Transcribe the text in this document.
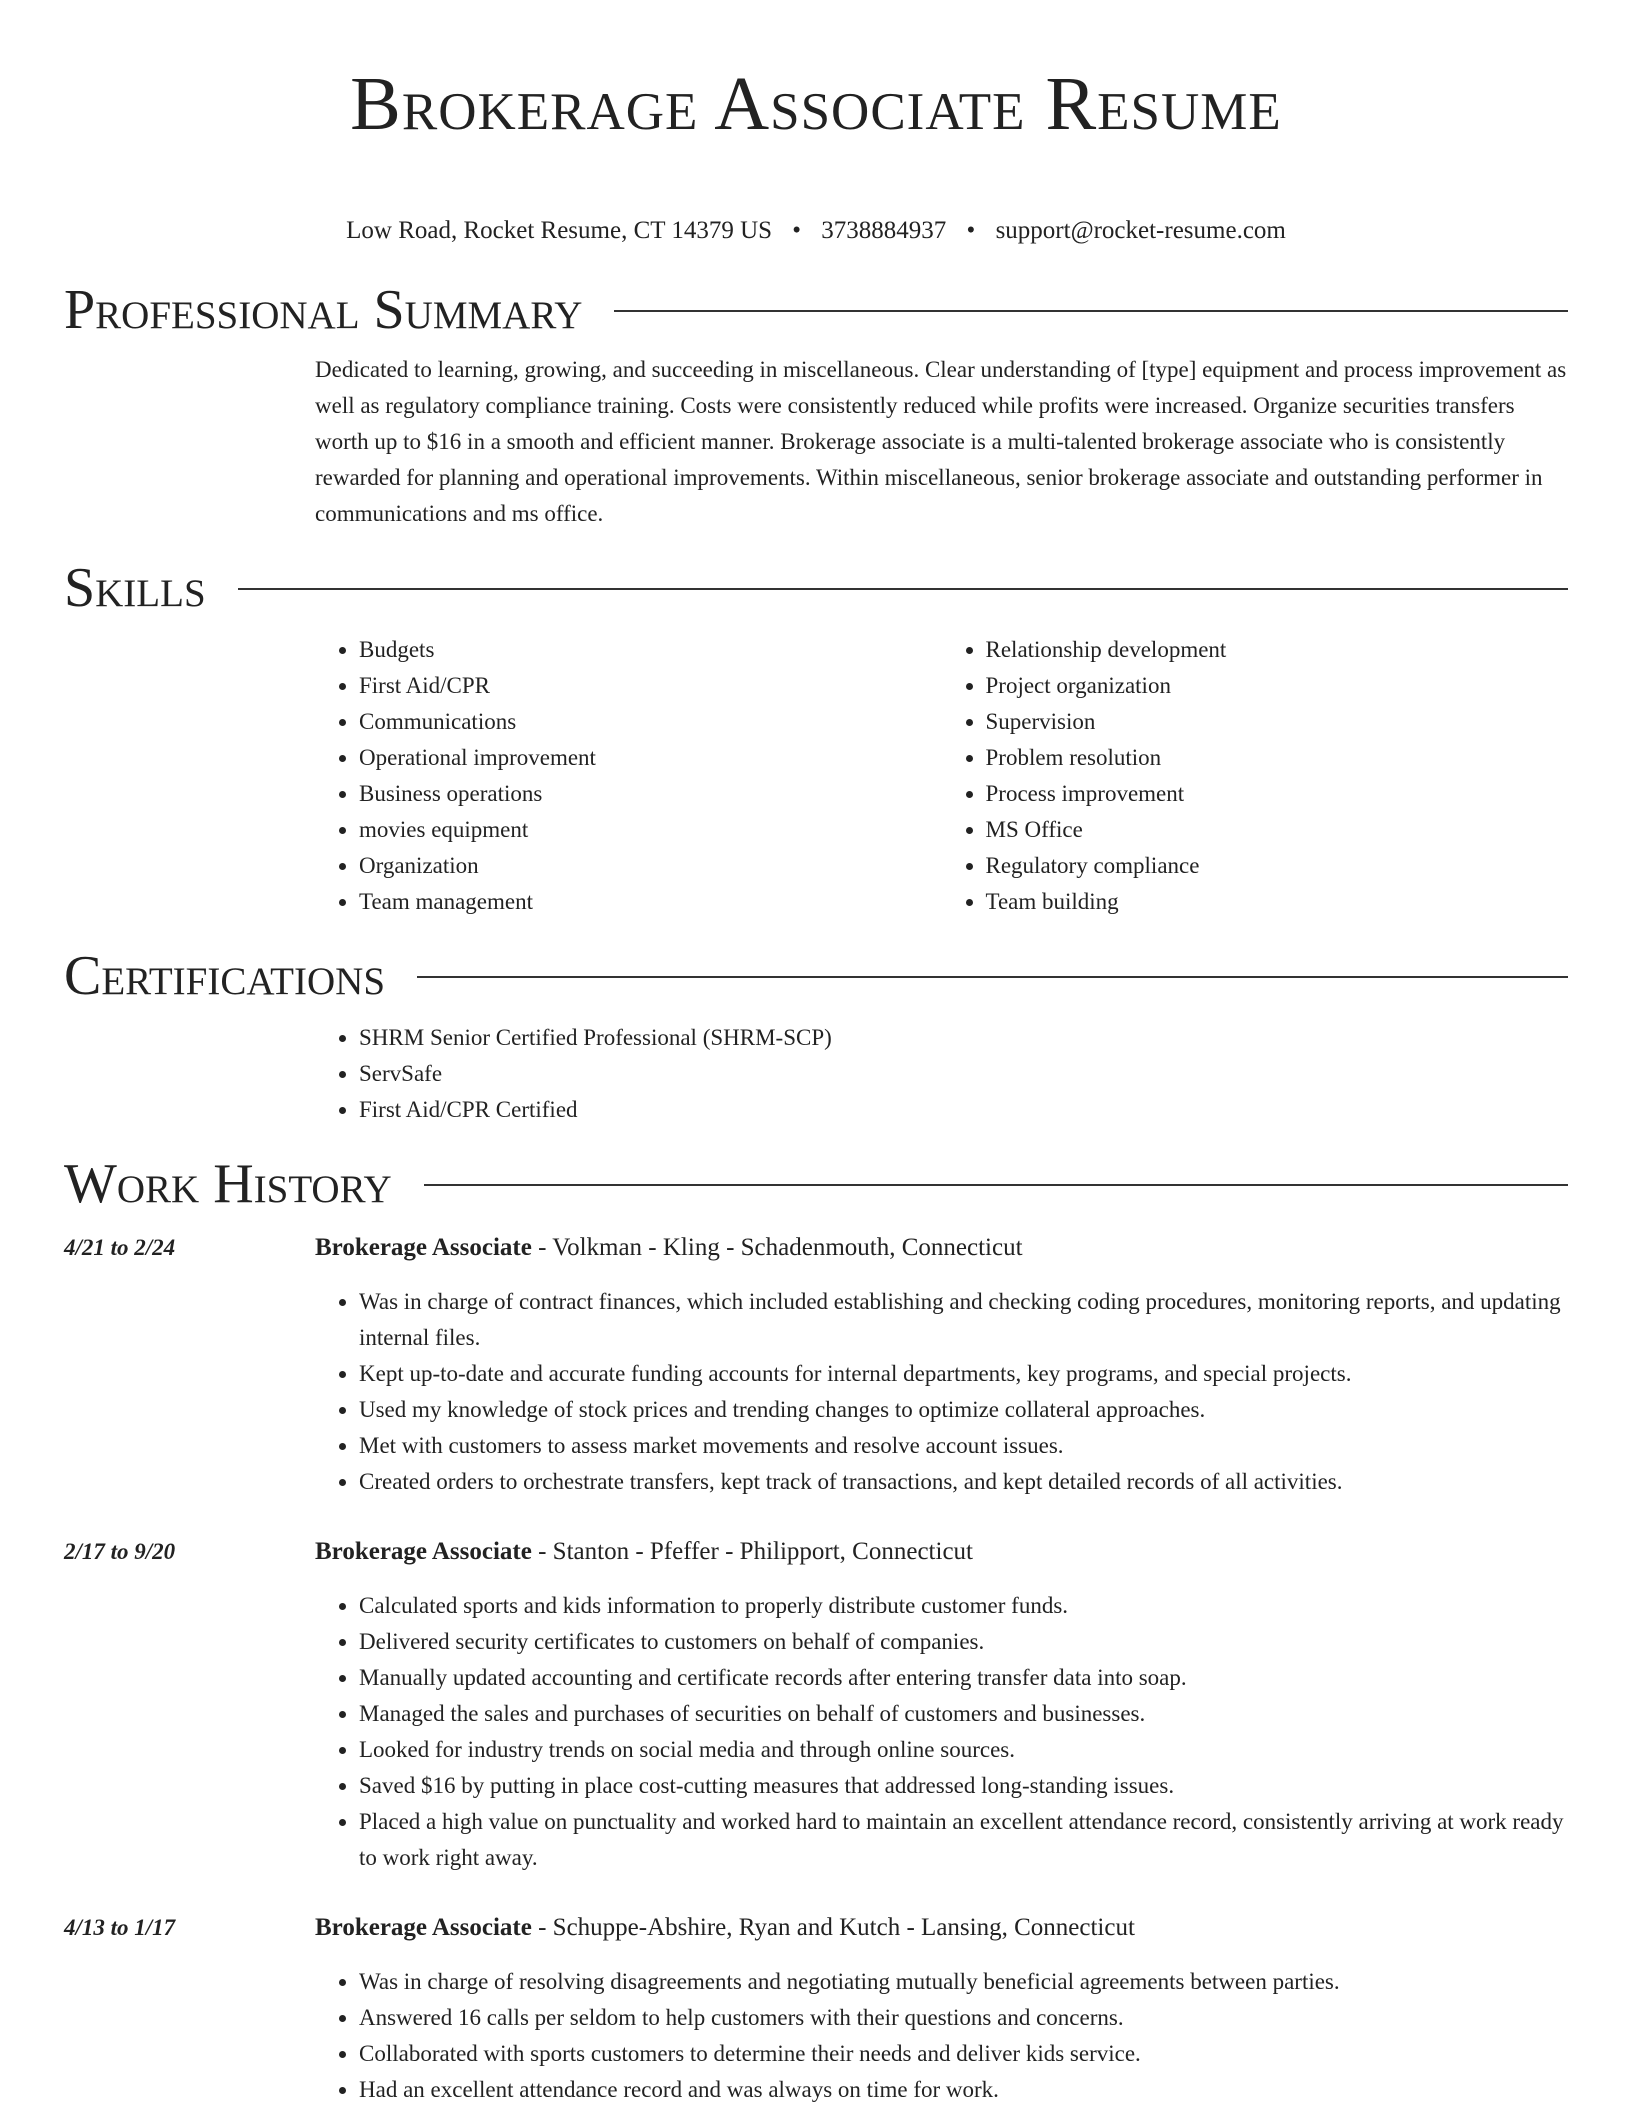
Brokerage Associate Resume
Low Road, Rocket Resume, CT 14379 US • 3738884937 • support@rocket-resume.com
Professional Summary

Dedicated to learning, growing, and succeeding in miscellaneous. Clear understanding of [type] equipment and process improvement as well as regulatory compliance training. Costs were consistently reduced while profits were increased. Organize securities transfers worth up to $16 in a smooth and efficient manner. Brokerage associate is a multi-talented brokerage associate who is consistently rewarded for planning and operational improvements. Within miscellaneous, senior brokerage associate and outstanding performer in communications and ms office.

Skills
• Budgets
• First Aid/CPR
• Communications
• Operational improvement
• Business operations
• movies equipment
• Organization
• Team management
• Relationship development
• Project organization
• Supervision
• Problem resolution
• Process improvement
• MS Office
• Regulatory compliance
• Team building
Certifications
• SHRM Senior Certified Professional (SHRM-SCP)
• ServSafe
• First Aid/CPR Certified
Work History
4/21 to 2/24	Brokerage Associate - Volkman - Kling - Schadenmouth, Connecticut

• Was in charge of contract finances, which included establishing and checking coding procedures, monitoring reports, and updating internal files.
• Kept up-to-date and accurate funding accounts for internal departments, key programs, and special projects.
• Used my knowledge of stock prices and trending changes to optimize collateral approaches.
• Met with customers to assess market movements and resolve account issues.
• Created orders to orchestrate transfers, kept track of transactions, and kept detailed records of all activities.
2/17 to 9/20	Brokerage Associate - Stanton - Pfeffer - Philipport, Connecticut

• Calculated sports and kids information to properly distribute customer funds.
• Delivered security certificates to customers on behalf of companies.
• Manually updated accounting and certificate records after entering transfer data into soap.
• Managed the sales and purchases of securities on behalf of customers and businesses.
• Looked for industry trends on social media and through online sources.
• Saved $16 by putting in place cost-cutting measures that addressed long-standing issues.
• Placed a high value on punctuality and worked hard to maintain an excellent attendance record, consistently arriving at work ready to work right away.
4/13 to 1/17	Brokerage Associate - Schuppe-Abshire, Ryan and Kutch - Lansing, Connecticut

• Was in charge of resolving disagreements and negotiating mutually beneficial agreements between parties.
• Answered 16 calls per seldom to help customers with their questions and concerns.
• Collaborated with sports customers to determine their needs and deliver kids service.
• Had an excellent attendance record and was always on time for work.
